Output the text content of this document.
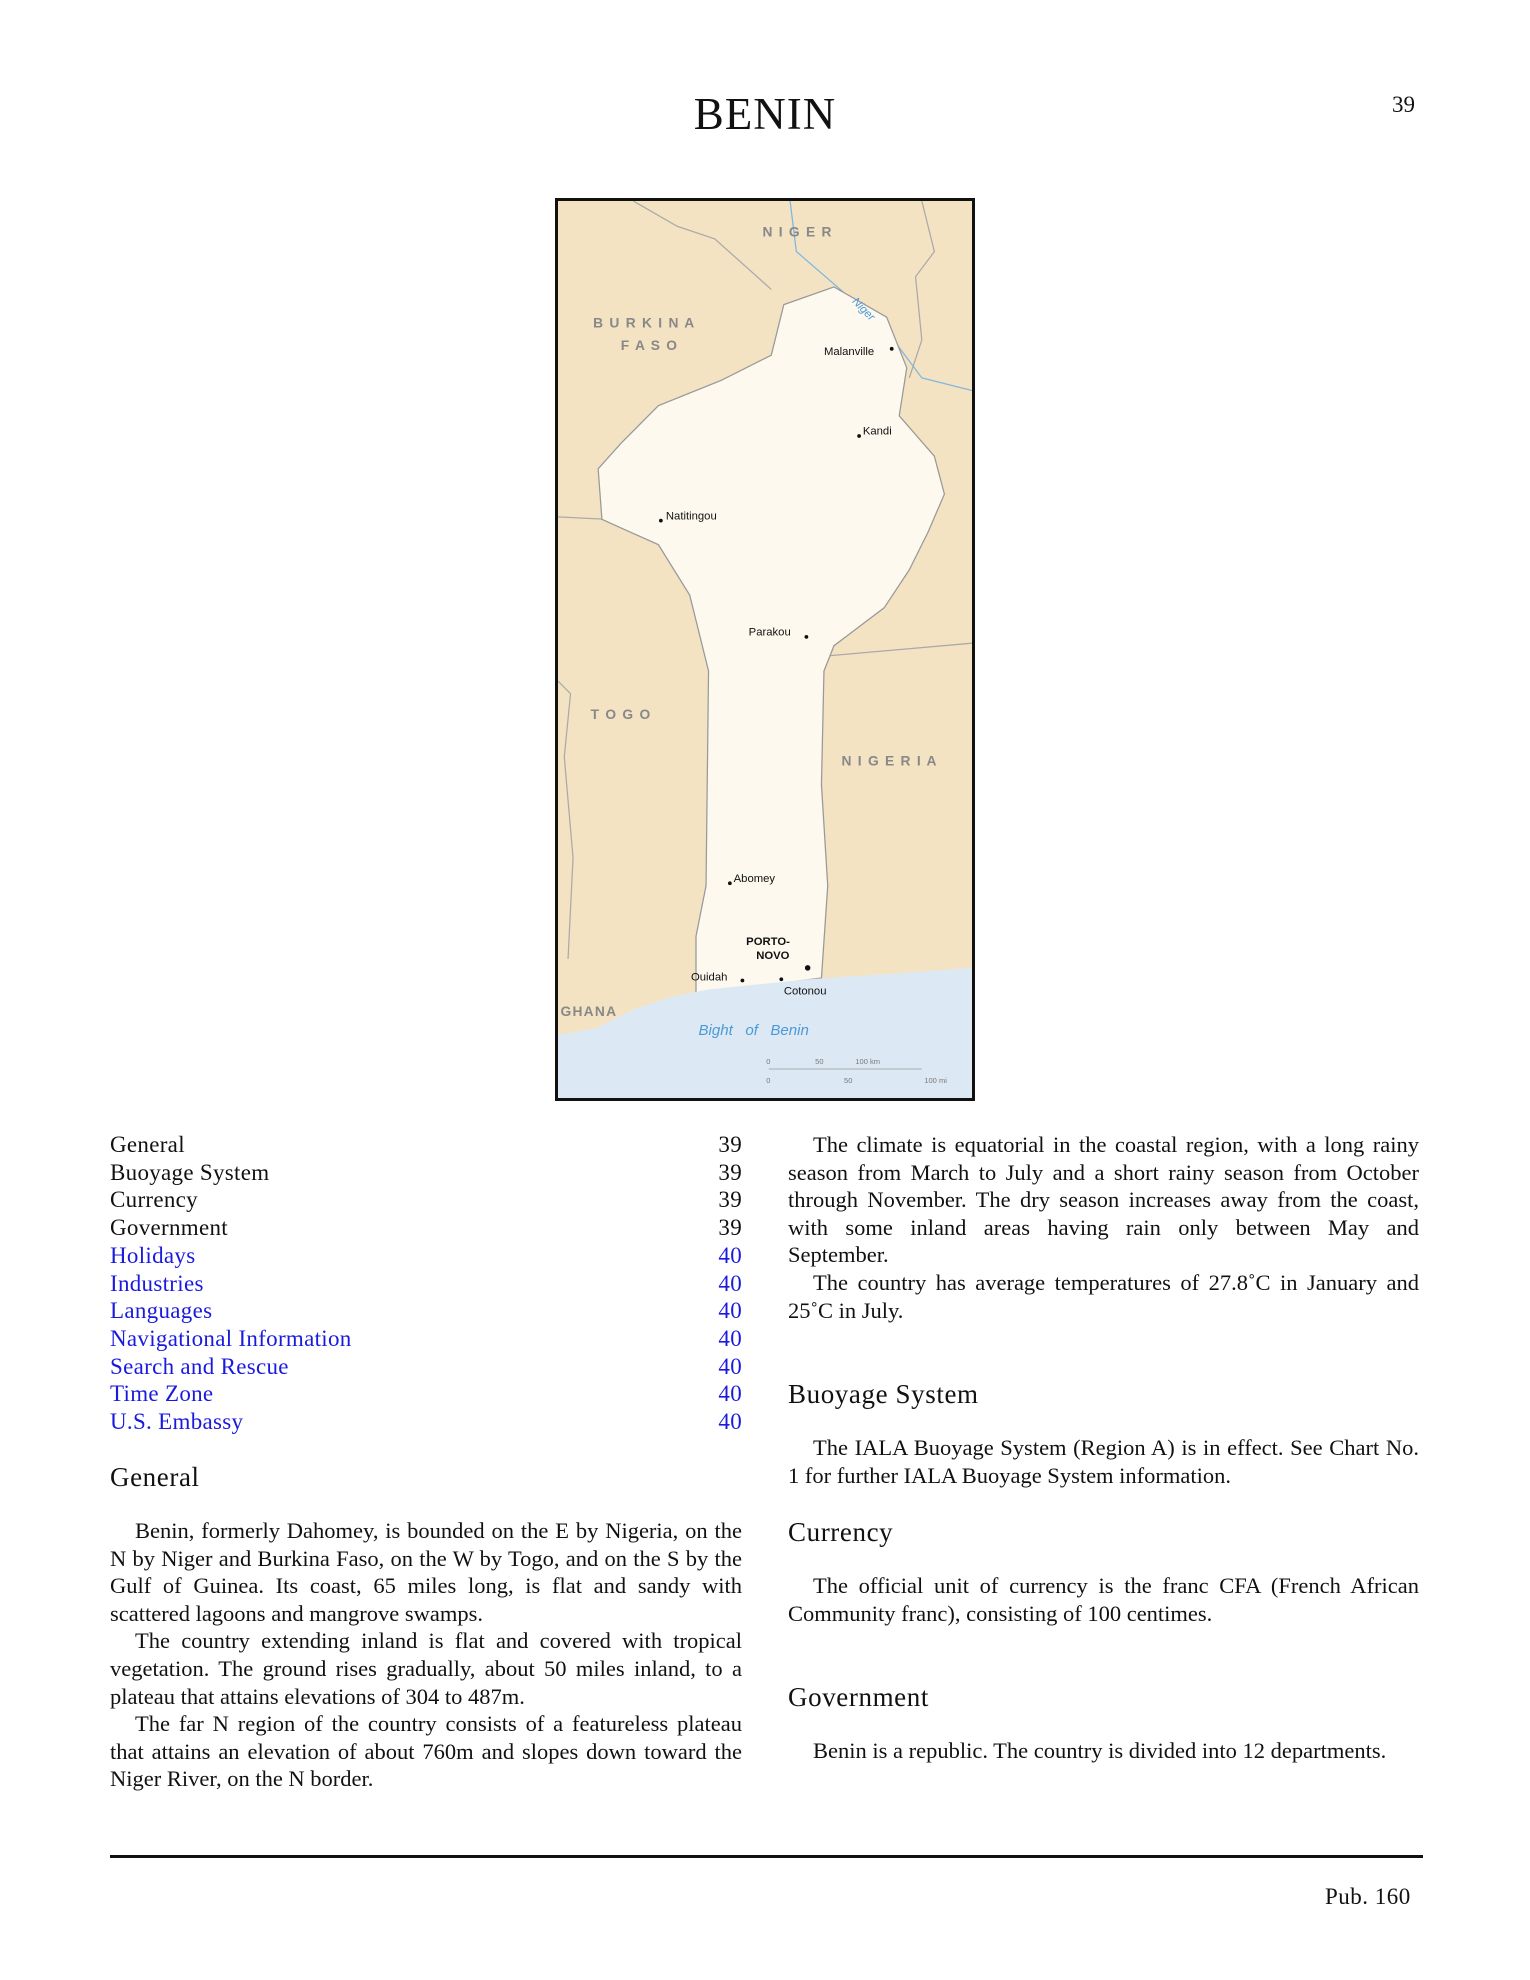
BENIN	39
N I G E R
B U R K I N A
F A S O
T O G O
N I G E R I A
GHANA
Niger
Bight   of   Benin
Malanville
Kandi
Natitingou
Parakou
Abomey
PORTO-
NOVO
Ouidah
Cotonou
0	50	100 km
0	50	100 mi
General	39
Buoyage System	39
Currency	39
Government	39
Holidays	40
Industries	40
Languages	40
Navigational Information	40
Search and Rescue	40
Time Zone	40
U.S. Embassy	40
General

Benin, formerly Dahomey, is bounded on the E by Nigeria, on the N by Niger and Burkina Faso, on the W by Togo, and on the S by the Gulf of Guinea. Its coast, 65 miles long, is flat and sandy with scattered lagoons and mangrove swamps.

The country extending inland is flat and covered with tropical vegetation. The ground rises gradually, about 50 miles inland, to a plateau that attains elevations of 304 to 487m.

The far N region of the country consists of a featureless plateau that attains an elevation of about 760m and slopes down toward the Niger River, on the N border.

The climate is equatorial in the coastal region, with a long rainy season from March to July and a short rainy season from October through November. The dry season increases away from the coast, with some inland areas having rain only between May and September.

The country has average temperatures of 27.8˚C in January and 25˚C in July.

Buoyage System

The IALA Buoyage System (Region A) is in effect. See Chart No. 1 for further IALA Buoyage System information.

Currency

The official unit of currency is the franc CFA (French African Community franc), consisting of 100 centimes.

Government

Benin is a republic. The country is divided into 12 departments.

Pub. 160
